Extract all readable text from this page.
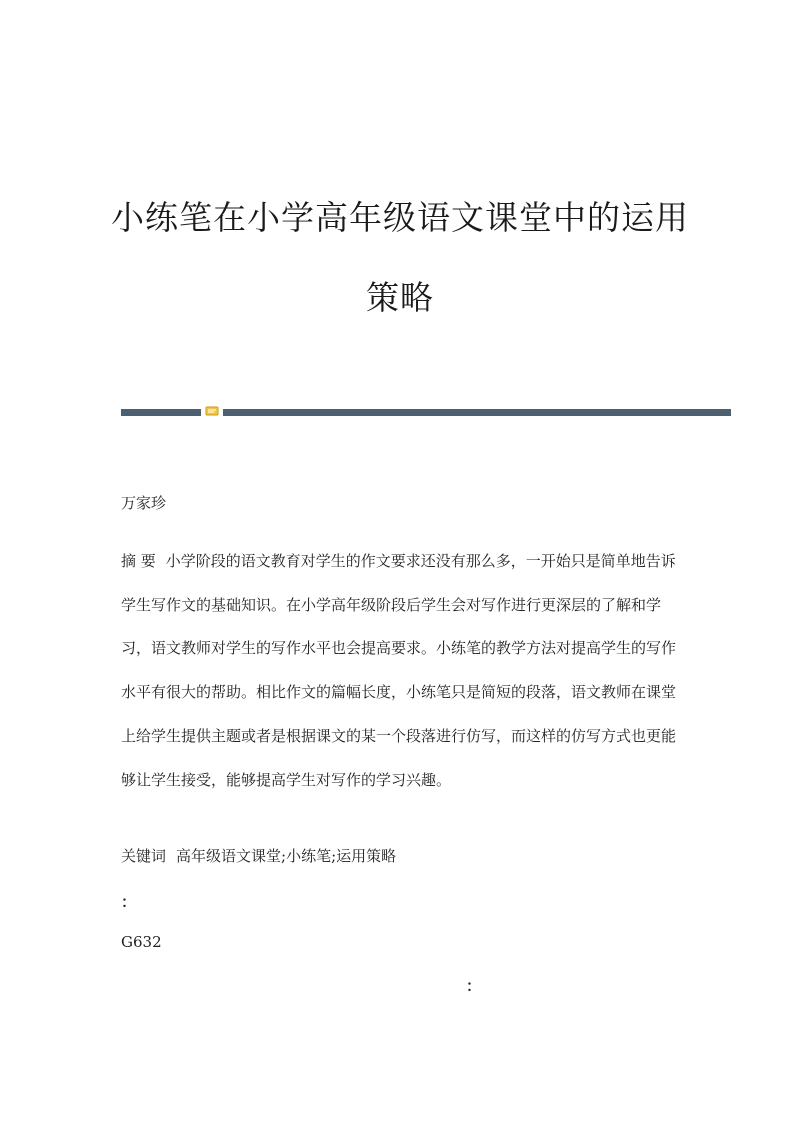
小练笔在小学高年级语文课堂中的运用
策略
万家珍
摘 要 小学阶段的语文教育对学生的作文要求还没有那么多，一开始只是简单地告诉学生写作文的基础知识。在小学高年级阶段后学生会对写作进行更深层的了解和学习，语文教师对学生的写作水平也会提高要求。小练笔的教学方法对提高学生的写作水平有很大的帮助。相比作文的篇幅长度，小练笔只是简短的段落，语文教师在课堂上给学生提供主题或者是根据课文的某一个段落进行仿写，而这样的仿写方式也更能够让学生接受，能够提高学生对写作的学习兴趣。
关键词 高年级语文课堂;小练笔;运用策略
：
G632
：
